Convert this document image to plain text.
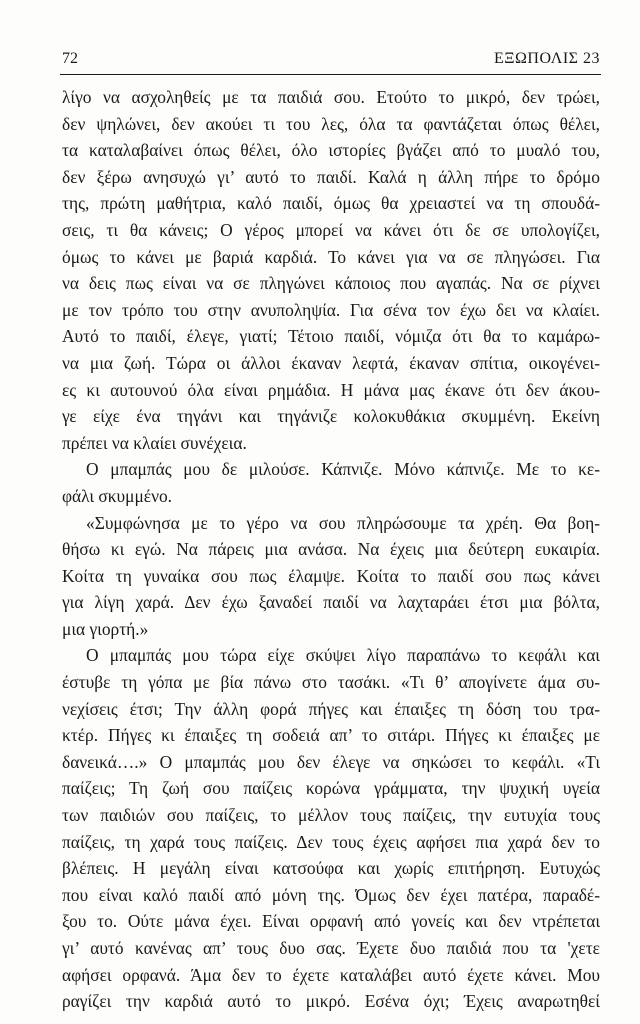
72	ΕΞΩΠΟΛΙΣ 23
λίγο να ασχοληθείς με τα παιδιά σου. Ετούτο το μικρό, δεν τρώει,
δεν ψηλώνει, δεν ακούει τι του λες, όλα τα φαντάζεται όπως θέλει,
τα καταλαβαίνει όπως θέλει, όλο ιστορίες βγάζει από το μυαλό του,
δεν ξέρω ανησυχώ γι’ αυτό το παιδί. Καλά η άλλη πήρε το δρόμο
της, πρώτη μαθήτρια, καλό παιδί, όμως θα χρειαστεί να τη σπουδά-
σεις, τι θα κάνεις; Ο γέρος μπορεί να κάνει ότι δε σε υπολογίζει,
όμως το κάνει με βαριά καρδιά. Το κάνει για να σε πληγώσει. Για
να δεις πως είναι να σε πληγώνει κάποιος που αγαπάς. Να σε ρίχνει
με τον τρόπο του στην ανυποληψία. Για σένα τον έχω δει να κλαίει.
Αυτό το παιδί, έλεγε, γιατί; Τέτοιο παιδί, νόμιζα ότι θα το καμάρω-
να μια ζωή. Τώρα οι άλλοι έκαναν λεφτά, έκαναν σπίτια, οικογένει-
ες κι αυτουνού όλα είναι ρημάδια. Η μάνα μας έκανε ότι δεν άκου-
γε είχε ένα τηγάνι και τηγάνιζε κολοκυθάκια σκυμμένη. Εκείνη
πρέπει να κλαίει συνέχεια.
Ο μπαμπάς μου δε μιλούσε. Κάπνιζε. Μόνο κάπνιζε. Με το κε-
φάλι σκυμμένο.
«Συμφώνησα με το γέρο να σου πληρώσουμε τα χρέη. Θα βοη-
θήσω κι εγώ. Να πάρεις μια ανάσα. Να έχεις μια δεύτερη ευκαιρία.
Κοίτα τη γυναίκα σου πως έλαμψε. Κοίτα το παιδί σου πως κάνει
για λίγη χαρά. Δεν έχω ξαναδεί παιδί να λαχταράει έτσι μια βόλτα,
μια γιορτή.»
Ο μπαμπάς μου τώρα είχε σκύψει λίγο παραπάνω το κεφάλι και
έστυβε τη γόπα με βία πάνω στο τασάκι. «Τι θ’ απογίνετε άμα συ-
νεχίσεις έτσι; Την άλλη φορά πήγες και έπαιξες τη δόση του τρα-
κτέρ. Πήγες κι έπαιξες τη σοδειά απ’ το σιτάρι. Πήγες κι έπαιξες με
δανεικά….» Ο μπαμπάς μου δεν έλεγε να σηκώσει το κεφάλι. «Τι
παίζεις; Τη ζωή σου παίζεις κορώνα γράμματα, την ψυχική υγεία
των παιδιών σου παίζεις, το μέλλον τους παίζεις, την ευτυχία τους
παίζεις, τη χαρά τους παίζεις. Δεν τους έχεις αφήσει πια χαρά δεν το
βλέπεις. Η μεγάλη είναι κατσούφα και χωρίς επιτήρηση. Ευτυχώς
που είναι καλό παιδί από μόνη της. Όμως δεν έχει πατέρα, παραδέ-
ξου το. Ούτε μάνα έχει. Είναι ορφανή από γονείς και δεν ντρέπεται
γι’ αυτό κανένας απ’ τους δυο σας. Έχετε δυο παιδιά που τα 'χετε
αφήσει ορφανά. Άμα δεν το έχετε καταλάβει αυτό έχετε κάνει. Μου
ραγίζει την καρδιά αυτό το μικρό. Εσένα όχι; Έχεις αναρωτηθεί
